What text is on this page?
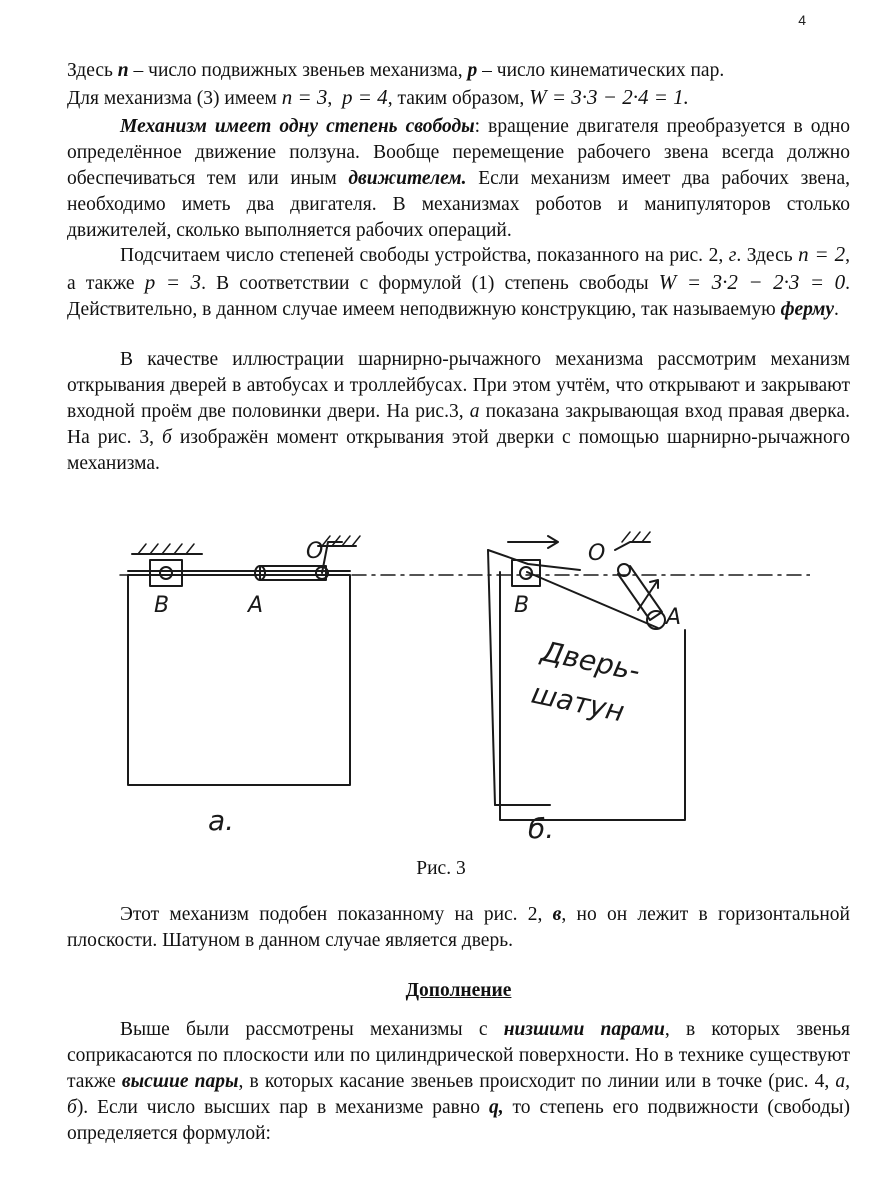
4

Здесь n – число подвижных звеньев механизма, p – число кинематических пар.

Для механизма (3) имеем n = 3,  p = 4, таким образом, W = 3·3 − 2·4 = 1.

Механизм имеет одну степень свободы: вращение двигателя преобразуется в одно определённое движение ползуна. Вообще перемещение рабочего звена всегда должно обеспечиваться тем или иным движителем. Если механизм имеет два рабочих звена, необходимо иметь два двигателя. В механизмах роботов и манипуляторов столько движителей, сколько выполняется рабочих операций.

Подсчитаем число степеней свободы устройства, показанного на рис. 2, г. Здесь n = 2, а также p = 3. В соответствии с формулой (1) степень свободы W = 3·2 − 2·3 = 0. Действительно, в данном случае имеем неподвижную конструкцию, так называемую ферму.

В качестве иллюстрации шарнирно-рычажного механизма рассмотрим механизм открывания дверей в автобусах и троллейбусах. При этом учтём, что открывают и закрывают входной проём две половинки двери. На рис.3, а показана закрывающая вход правая дверка. На рис. 3, б изображён момент открывания этой дверки с помощью шарнирно-рычажного механизма.

B	A
O
B
O
A
Дверь-
шатун
a.	б.
Рис. 3

Этот механизм подобен показанному на рис. 2, в, но он лежит в горизонтальной плоскости. Шатуном в данном случае является дверь.

Дополнение

Выше были рассмотрены механизмы с низшими парами, в которых звенья соприкасаются по плоскости или по цилиндрической поверхности. Но в технике существуют также высшие пары, в которых касание звеньев происходит по линии или в точке (рис. 4, а, б). Если число высших пар в механизме равно q, то степень его подвижности (свободы) определяется формулой:
